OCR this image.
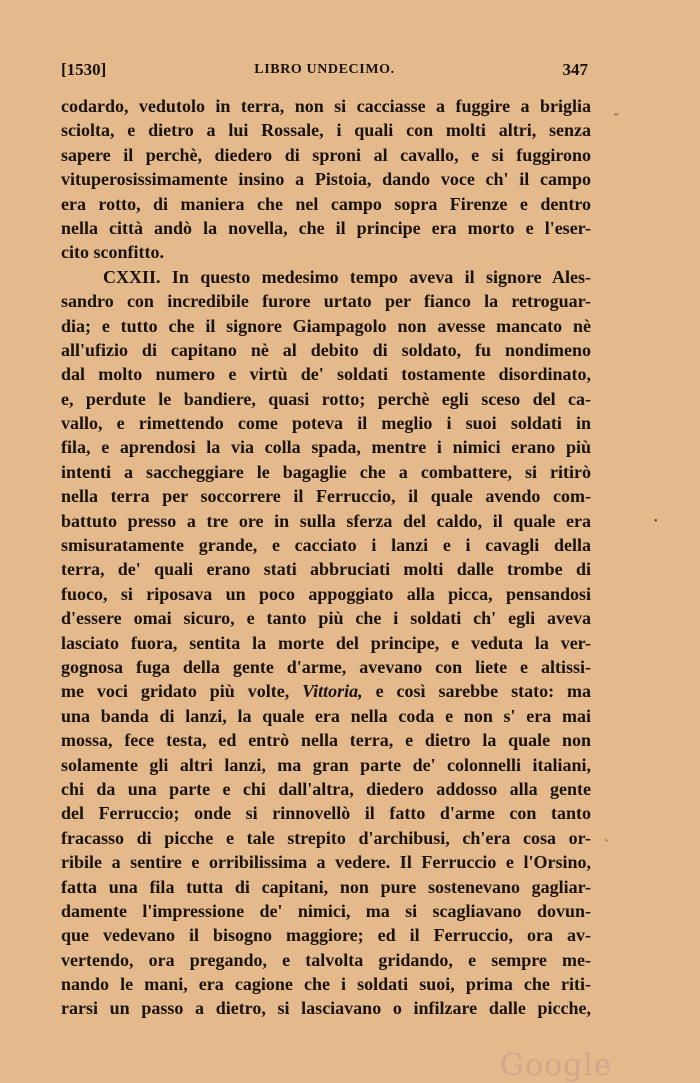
[1530]	LIBRO UNDECIMO.	347
codardo, vedutolo in terra, non si cacciasse a fuggire a briglia
sciolta, e dietro a lui Rossale, i quali con molti altri, senza
sapere il perchè, diedero di sproni al cavallo, e si fuggirono
vituperosissimamente insino a Pistoia, dando voce ch' il campo
era rotto, di maniera che nel campo sopra Firenze e dentro
nella città andò la novella, che il principe era morto e l'eser-
cito sconfitto.
CXXII. In questo medesimo tempo aveva il signore Ales-
sandro con incredibile furore urtato per fianco la retroguar-
dia; e tutto che il signore Giampagolo non avesse mancato nè
all'ufizio di capitano nè al debito di soldato, fu nondimeno
dal molto numero e virtù de' soldati tostamente disordinato,
e, perdute le bandiere, quasi rotto; perchè egli sceso del ca-
vallo, e rimettendo come poteva il meglio i suoi soldati in
fila, e aprendosi la via colla spada, mentre i nimici erano più
intenti a saccheggiare le bagaglie che a combattere, si ritirò
nella terra per soccorrere il Ferruccio, il quale avendo com-
battuto presso a tre ore in sulla sferza del caldo, il quale era
smisuratamente grande, e cacciato i lanzi e i cavagli della
terra, de' quali erano stati abbruciati molti dalle trombe di
fuoco, si riposava un poco appoggiato alla picca, pensandosi
d'essere omai sicuro, e tanto più che i soldati ch' egli aveva
lasciato fuora, sentita la morte del principe, e veduta la ver-
gognosa fuga della gente d'arme, avevano con liete e altissi-
me voci gridato più volte, Vittoria, e così sarebbe stato: ma
una banda di lanzi, la quale era nella coda e non s' era mai
mossa, fece testa, ed entrò nella terra, e dietro la quale non
solamente gli altri lanzi, ma gran parte de' colonnelli italiani,
chi da una parte e chi dall'altra, diedero addosso alla gente
del Ferruccio; onde si rinnovellò il fatto d'arme con tanto
fracasso di picche e tale strepito d'archibusi, ch'era cosa or-
ribile a sentire e orribilissima a vedere. Il Ferruccio e l'Orsino,
fatta una fila tutta di capitani, non pure sostenevano gagliar-
damente l'impressione de' nimici, ma si scagliavano dovun-
que vedevano il bisogno maggiore; ed il Ferruccio, ora av-
vertendo, ora pregando, e talvolta gridando, e sempre me-
nando le mani, era cagione che i soldati suoi, prima che riti-
rarsi un passo a dietro, si lasciavano o infilzare dalle picche,
˝
•
`
Google
